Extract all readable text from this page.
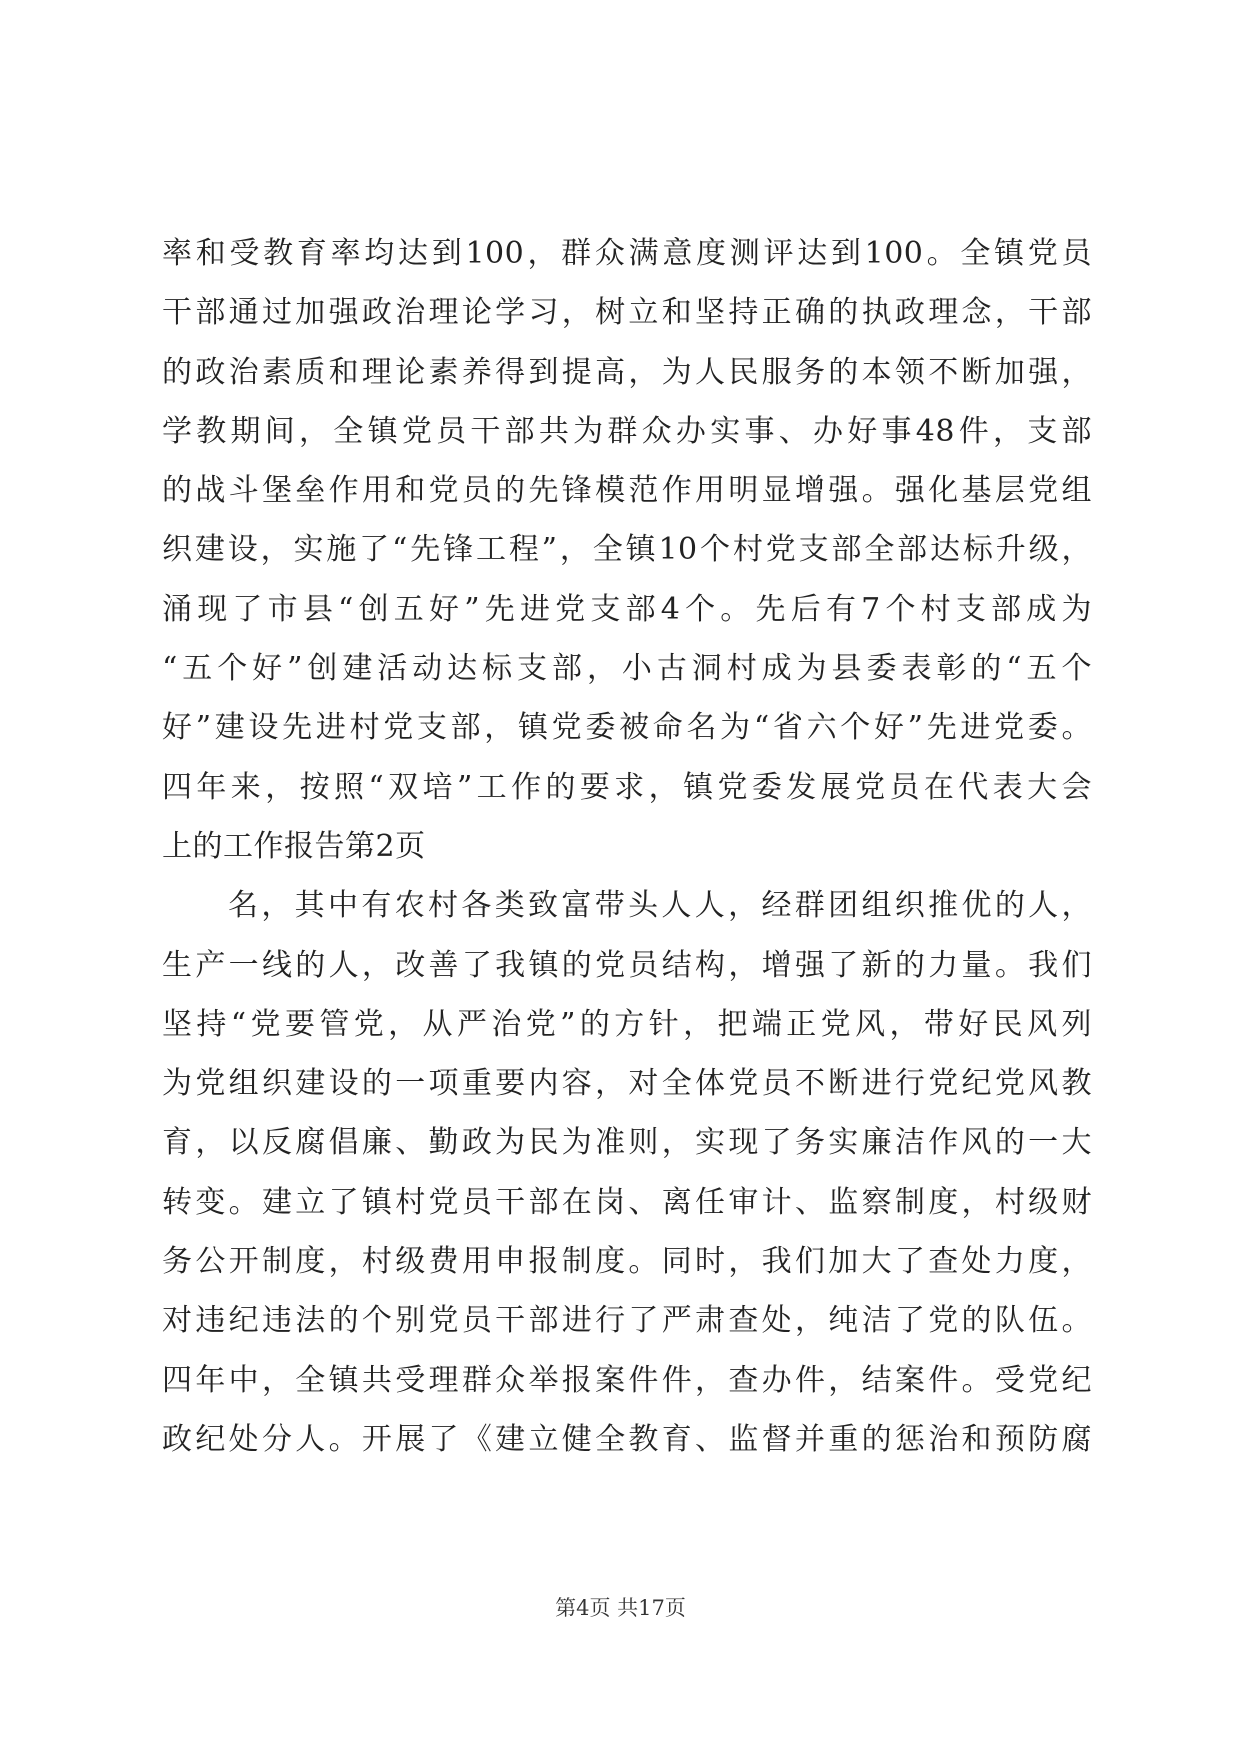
率和受教育率均达到100，群众满意度测评达到100。全镇党员
干部通过加强政治理论学习，树立和坚持正确的执政理念，干部
的政治素质和理论素养得到提高，为人民服务的本领不断加强，
学教期间，全镇党员干部共为群众办实事、办好事48件，支部
的战斗堡垒作用和党员的先锋模范作用明显增强。强化基层党组
织建设，实施了“先锋工程”，全镇10个村党支部全部达标升级，
涌现了市县“创五好”先进党支部4个。先后有7个村支部成为
“五个好”创建活动达标支部，小古洞村成为县委表彰的“五个
好”建设先进村党支部，镇党委被命名为“省六个好”先进党委。
四年来，按照“双培”工作的要求，镇党委发展党员在代表大会
上的工作报告第2页
名，其中有农村各类致富带头人人，经群团组织推优的人，
生产一线的人，改善了我镇的党员结构，增强了新的力量。我们
坚持“党要管党，从严治党”的方针，把端正党风，带好民风列
为党组织建设的一项重要内容，对全体党员不断进行党纪党风教
育，以反腐倡廉、勤政为民为准则，实现了务实廉洁作风的一大
转变。建立了镇村党员干部在岗、离任审计、监察制度，村级财
务公开制度，村级费用申报制度。同时，我们加大了查处力度，
对违纪违法的个别党员干部进行了严肃查处，纯洁了党的队伍。
四年中，全镇共受理群众举报案件件，查办件，结案件。受党纪
政纪处分人。开展了《建立健全教育、监督并重的惩治和预防腐
第4页 共17页
